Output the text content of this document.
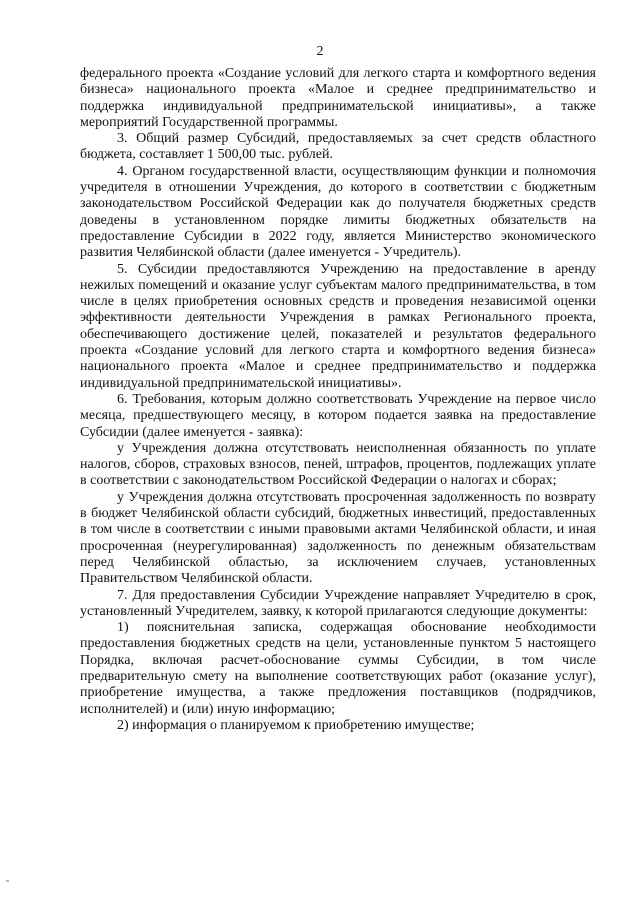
2

федерального проекта «Создание условий для легкого старта и комфортного ведения бизнеса» национального проекта «Малое и среднее предпринимательство и поддержка индивидуальной предпринимательской инициативы», а также мероприятий Государственной программы.

3. Общий размер Субсидий, предоставляемых за счет средств областного бюджета, составляет 1 500,00 тыс. рублей.

4. Органом государственной власти, осуществляющим функции и полномочия учредителя в отношении Учреждения, до которого в соответствии с бюджетным законодательством Российской Федерации как до получателя бюджетных средств доведены в установленном порядке лимиты бюджетных обязательств на предоставление Субсидии в 2022 году, является Министерство экономического развития Челябинской области (далее именуется - Учредитель).

5. Субсидии предоставляются Учреждению на предоставление в аренду нежилых помещений и оказание услуг субъектам малого предпринимательства, в том числе в целях приобретения основных средств и проведения независимой оценки эффективности деятельности Учреждения в рамках Регионального проекта, обеспечивающего достижение целей, показателей и результатов федерального проекта «Создание условий для легкого старта и комфортного ведения бизнеса» национального проекта «Малое и среднее предпринимательство и поддержка индивидуальной предпринимательской инициативы».

6. Требования, которым должно соответствовать Учреждение на первое число месяца, предшествующего месяцу, в котором подается заявка на предоставление Субсидии (далее именуется - заявка):

у Учреждения должна отсутствовать неисполненная обязанность по уплате налогов, сборов, страховых взносов, пеней, штрафов, процентов, подлежащих уплате в соответствии с законодательством Российской Федерации о налогах и сборах;

у Учреждения должна отсутствовать просроченная задолженность по возврату в бюджет Челябинской области субсидий, бюджетных инвестиций, предоставленных в том числе в соответствии с иными правовыми актами Челябинской области, и иная просроченная (неурегулированная) задолженность по денежным обязательствам перед Челябинской областью, за исключением случаев, установленных Правительством Челябинской области.

7. Для предоставления Субсидии Учреждение направляет Учредителю в срок, установленный Учредителем, заявку, к которой прилагаются следующие документы:

1) пояснительная записка, содержащая обоснование необходимости предоставления бюджетных средств на цели, установленные пунктом 5 настоящего Порядка, включая расчет-обоснование суммы Субсидии, в том числе предварительную смету на выполнение соответствующих работ (оказание услуг), приобретение имущества, а также предложения поставщиков (подрядчиков, исполнителей) и (или) иную информацию;

2) информация о планируемом к приобретению имуществе;
